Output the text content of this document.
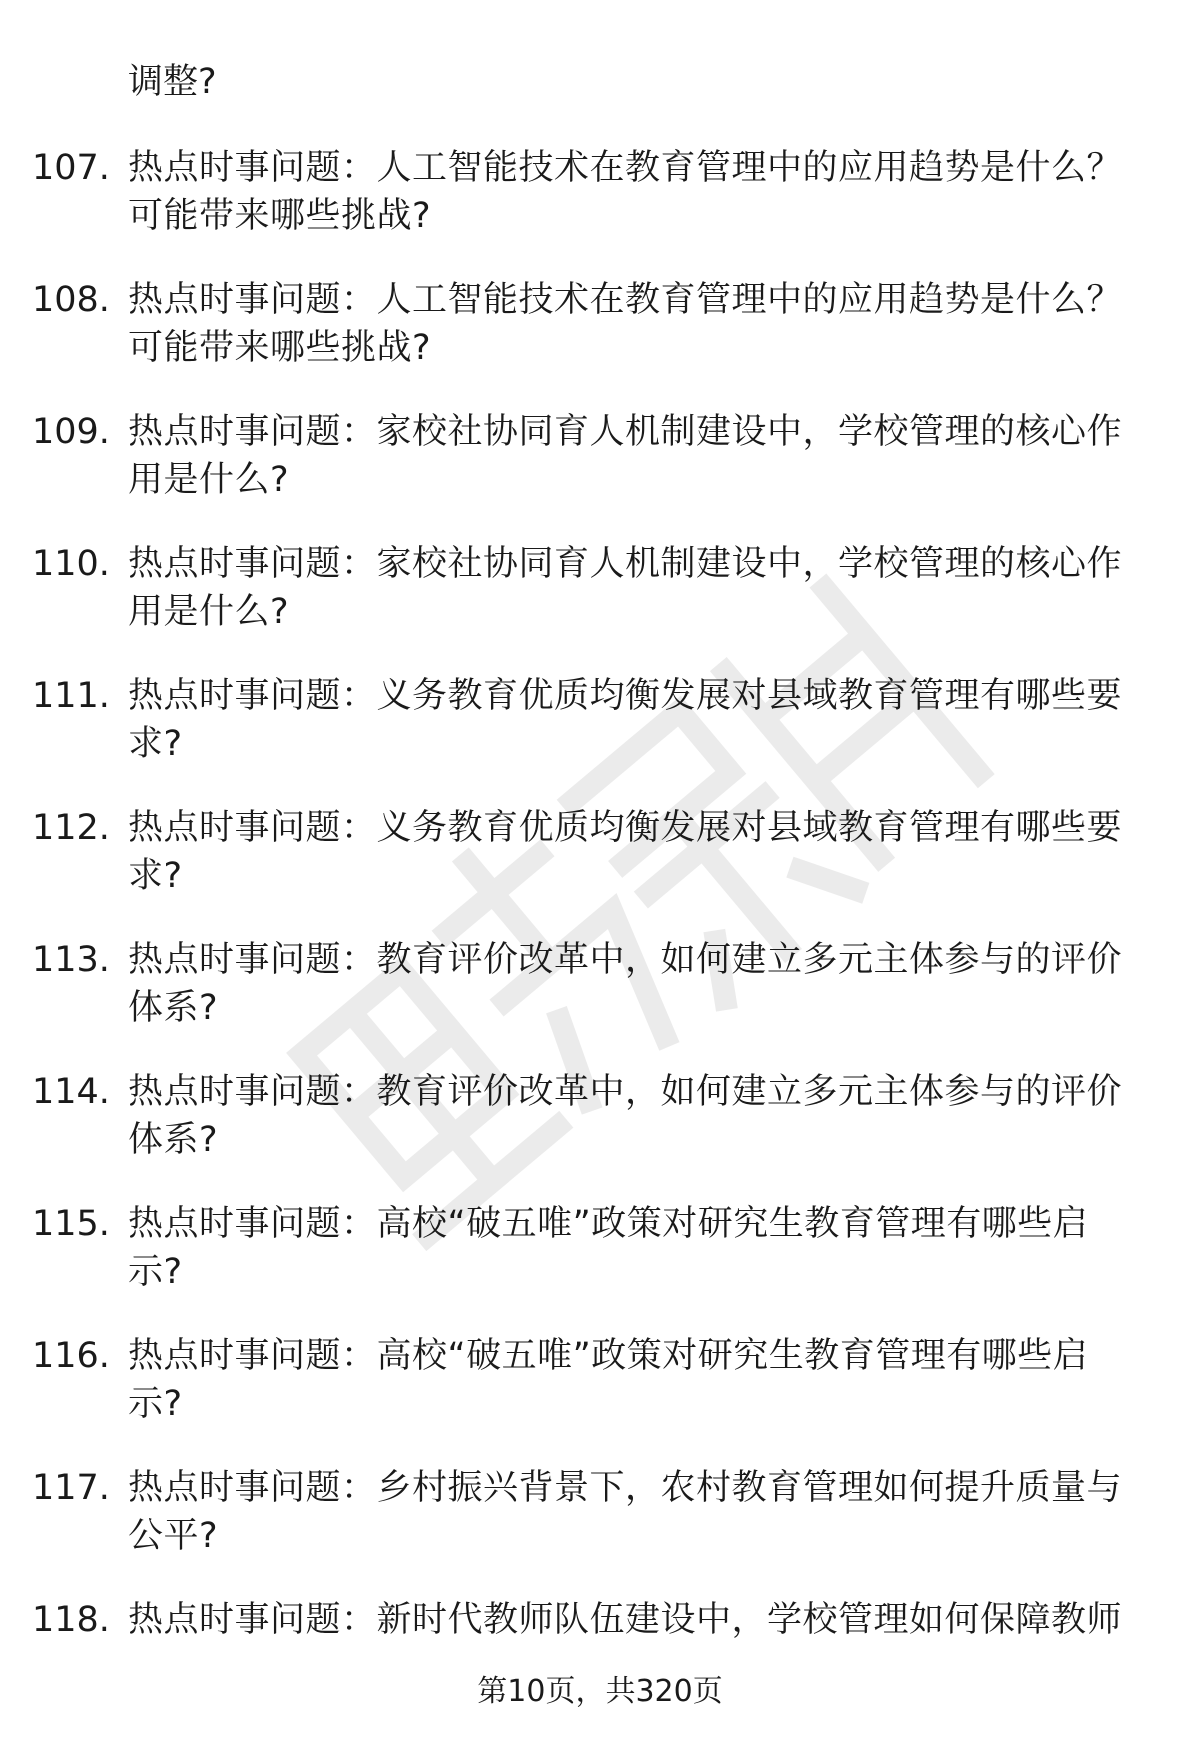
调整?
107. 热点时事问题：人工智能技术在教育管理中的应用趋势是什么？
可能带来哪些挑战?
108. 热点时事问题：人工智能技术在教育管理中的应用趋势是什么？
可能带来哪些挑战?
109. 热点时事问题：家校社协同育人机制建设中，学校管理的核心作
用是什么?
110. 热点时事问题：家校社协同育人机制建设中，学校管理的核心作
用是什么?
111. 热点时事问题：义务教育优质均衡发展对县域教育管理有哪些要
求?
112. 热点时事问题：义务教育优质均衡发展对县域教育管理有哪些要
求?
113. 热点时事问题：教育评价改革中，如何建立多元主体参与的评价
体系?
114. 热点时事问题：教育评价改革中，如何建立多元主体参与的评价
体系?
115. 热点时事问题：高校“破五唯”政策对研究生教育管理有哪些启
示?
116. 热点时事问题：高校“破五唯”政策对研究生教育管理有哪些启
示?
117. 热点时事问题：乡村振兴背景下，农村教育管理如何提升质量与
公平?
118. 热点时事问题：新时代教师队伍建设中，学校管理如何保障教师
第10页，共320页
